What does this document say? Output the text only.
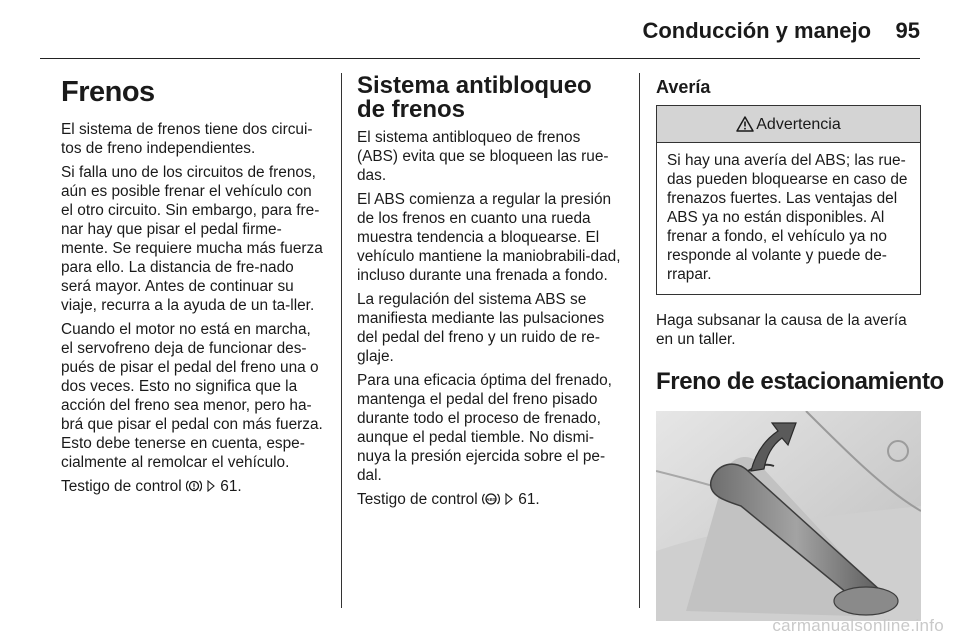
Conducción y manejo 95
Frenos

El sistema de frenos tiene dos circui-tos de freno independientes.

Si falla uno de los circuitos de frenos, aún es posible frenar el vehículo con el otro circuito. Sin embargo, para fre-nar hay que pisar el pedal firme-mente. Se requiere mucha más fuerza para ello. La distancia de fre-nado será mayor. Antes de continuar su viaje, recurra a la ayuda de un ta-ller.

Cuando el motor no está en marcha, el servofreno deja de funcionar des-pués de pisar el pedal del freno una o dos veces. Esto no significa que la acción del freno sea menor, pero ha-brá que pisar el pedal con más fuerza. Esto debe tenerse en cuenta, espe-cialmente al remolcar el vehículo.

Testigo de control	61.

Sistema antibloqueo de frenos

El sistema antibloqueo de frenos (ABS) evita que se bloqueen las rue-das.

El ABS comienza a regular la presión de los frenos en cuanto una rueda muestra tendencia a bloquearse. El vehículo mantiene la maniobrabili-dad, incluso durante una frenada a fondo.

La regulación del sistema ABS se manifiesta mediante las pulsaciones del pedal del freno y un ruido de re-glaje.

Para una eficacia óptima del frenado, mantenga el pedal del freno pisado durante todo el proceso de frenado, aunque el pedal tiemble. No dismi-nuya la presión ejercida sobre el pe-dal.

Testigo de control ABS 61.

Avería
Advertencia
Si hay una avería del ABS; las rue-das pueden bloquearse en caso de frenazos fuertes. Las ventajas del ABS ya no están disponibles. Al frenar a fondo, el vehículo ya no responde al volante y puede de-rrapar.

Haga subsanar la causa de la avería en un taller.

Freno de estacionamiento
carmanualsonline.info
